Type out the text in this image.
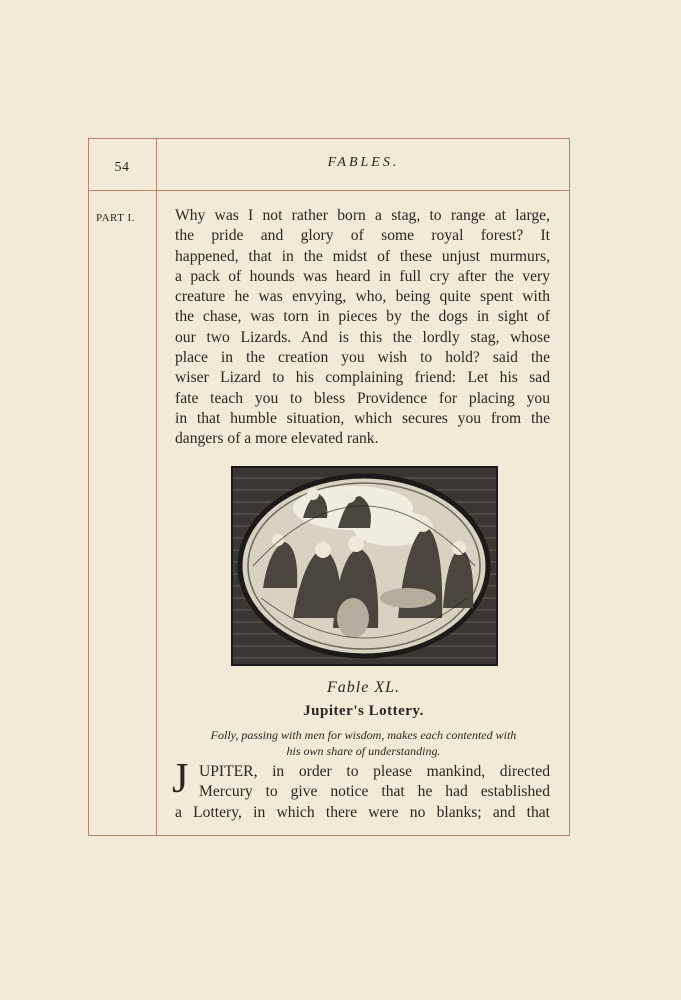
54	FABLES.
PART I.	Why was I not rather born a stag, to range at large,
the pride and glory of some royal forest? It
happened, that in the midst of these unjust murmurs,
a pack of hounds was heard in full cry after the very
creature he was envying, who, being quite spent with
the chase, was torn in pieces by the dogs in sight of
our two Lizards. And is this the lordly stag, whose
place in the creation you wish to hold? said the
wiser Lizard to his complaining friend: Let his sad
fate teach you to bless Providence for placing you
in that humble situation, which secures you from the
dangers of a more elevated rank.
Fable XL.
Jupiter's Lottery.
Folly, passing with men for wisdom, makes each contented with
his own share of understanding.
J UPITER, in order to please mankind, directed
Mercury to give notice that he had established
a Lottery, in which there were no blanks; and that
